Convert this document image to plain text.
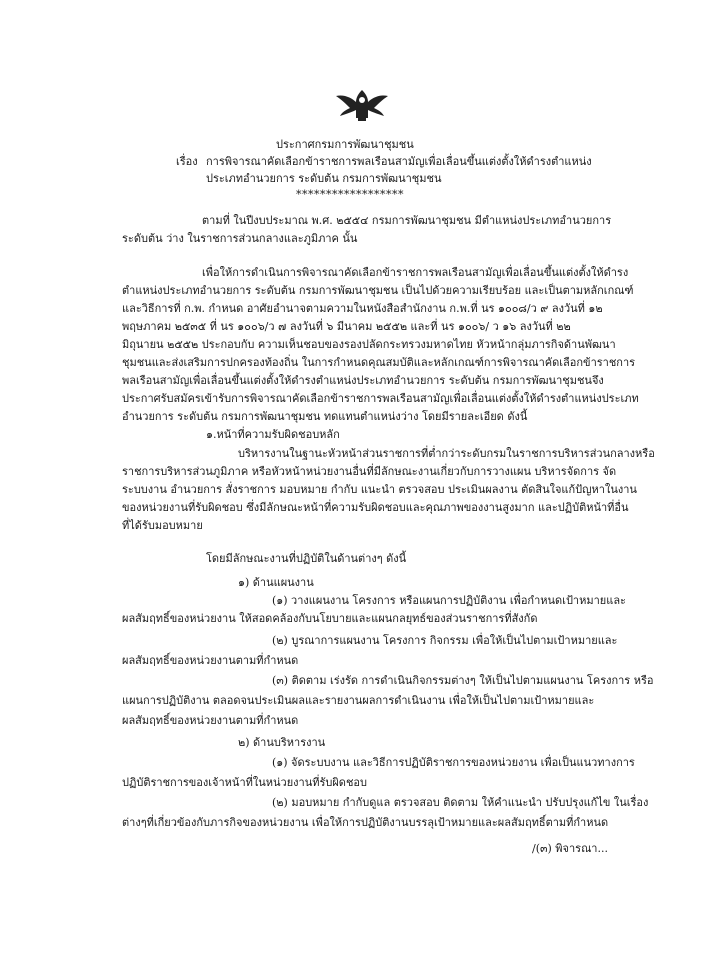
ประกาศกรมการพัฒนาชุมชน
เรื่อง การพิจารณาคัดเลือกข้าราชการพลเรือนสามัญเพื่อเลื่อนขึ้นแต่งตั้งให้ดำรงตำแหน่ง
ประเภทอำนวยการ ระดับต้น กรมการพัฒนาชุมชน
******************
ตามที่ ในปีงบประมาณ พ.ศ. ๒๕๕๔ กรมการพัฒนาชุมชน มีตำแหน่งประเภทอำนวยการ
ระดับต้น ว่าง ในราชการส่วนกลางและภูมิภาค นั้น
เพื่อให้การดำเนินการพิจารณาคัดเลือกข้าราชการพลเรือนสามัญเพื่อเลื่อนขึ้นแต่งตั้งให้ดำรง
ตำแหน่งประเภทอำนวยการ ระดับต้น กรมการพัฒนาชุมชน เป็นไปด้วยความเรียบร้อย และเป็นตามหลักเกณฑ์
และวิธีการที่ ก.พ. กำหนด อาศัยอำนาจตามความในหนังสือสำนักงาน ก.พ.ที่ นร ๑๐๐๘/ว ๙ ลงวันที่ ๑๒
พฤษภาคม ๒๕๓๕ ที่ นร ๑๐๐๖/ว ๗ ลงวันที่ ๖ มีนาคม ๒๕๕๒ และที่ นร ๑๐๐๖/ ว ๑๖ ลงวันที่ ๒๒
มิถุนายน ๒๕๕๒ ประกอบกับ ความเห็นชอบของรองปลัดกระทรวงมหาดไทย หัวหน้ากลุ่มภารกิจด้านพัฒนา
ชุมชนและส่งเสริมการปกครองท้องถิ่น ในการกำหนดคุณสมบัติและหลักเกณฑ์การพิจารณาคัดเลือกข้าราชการ
พลเรือนสามัญเพื่อเลื่อนขึ้นแต่งตั้งให้ดำรงตำแหน่งประเภทอำนวยการ ระดับต้น กรมการพัฒนาชุมชนจึง
ประกาศรับสมัครเข้ารับการพิจารณาคัดเลือกข้าราชการพลเรือนสามัญเพื่อเลื่อนแต่งตั้งให้ดำรงตำแหน่งประเภท
อำนวยการ ระดับต้น กรมการพัฒนาชุมชน ทดแทนตำแหน่งว่าง โดยมีรายละเอียด ดังนี้
๑.หน้าที่ความรับผิดชอบหลัก
บริหารงานในฐานะหัวหน้าส่วนราชการที่ต่ำกว่าระดับกรมในราชการบริหารส่วนกลางหรือ
ราชการบริหารส่วนภูมิภาค หรือหัวหน้าหน่วยงานอื่นที่มีลักษณะงานเกี่ยวกับการวางแผน บริหารจัดการ จัด
ระบบงาน อำนวยการ สั่งราชการ มอบหมาย กำกับ แนะนำ ตรวจสอบ ประเมินผลงาน ตัดสินใจแก้ปัญหาในงาน
ของหน่วยงานที่รับผิดชอบ ซึ่งมีลักษณะหน้าที่ความรับผิดชอบและคุณภาพของงานสูงมาก และปฏิบัติหน้าที่อื่น
ที่ได้รับมอบหมาย
โดยมีลักษณะงานที่ปฏิบัติในด้านต่างๆ ดังนี้
๑) ด้านแผนงาน
(๑) วางแผนงาน โครงการ หรือแผนการปฏิบัติงาน เพื่อกำหนดเป้าหมายและ
ผลสัมฤทธิ์ของหน่วยงาน ให้สอดคล้องกับนโยบายและแผนกลยุทธ์ของส่วนราชการที่สังกัด
(๒) บูรณาการแผนงาน โครงการ กิจกรรม เพื่อให้เป็นไปตามเป้าหมายและ
ผลสัมฤทธิ์ของหน่วยงานตามที่กำหนด
(๓) ติดตาม เร่งรัด การดำเนินกิจกรรมต่างๆ ให้เป็นไปตามแผนงาน โครงการ หรือ
แผนการปฏิบัติงาน ตลอดจนประเมินผลและรายงานผลการดำเนินงาน เพื่อให้เป็นไปตามเป้าหมายและ
ผลสัมฤทธิ์ของหน่วยงานตามที่กำหนด
๒) ด้านบริหารงาน
(๑) จัดระบบงาน และวิธีการปฏิบัติราชการของหน่วยงาน เพื่อเป็นแนวทางการ
ปฏิบัติราชการของเจ้าหน้าที่ในหน่วยงานที่รับผิดชอบ
(๒) มอบหมาย กำกับดูแล ตรวจสอบ ติดตาม ให้คำแนะนำ ปรับปรุงแก้ไข ในเรื่อง
ต่างๆที่เกี่ยวข้องกับภารกิจของหน่วยงาน เพื่อให้การปฏิบัติงานบรรลุเป้าหมายและผลสัมฤทธิ์ตามที่กำหนด
/(๓) พิจารณา...
